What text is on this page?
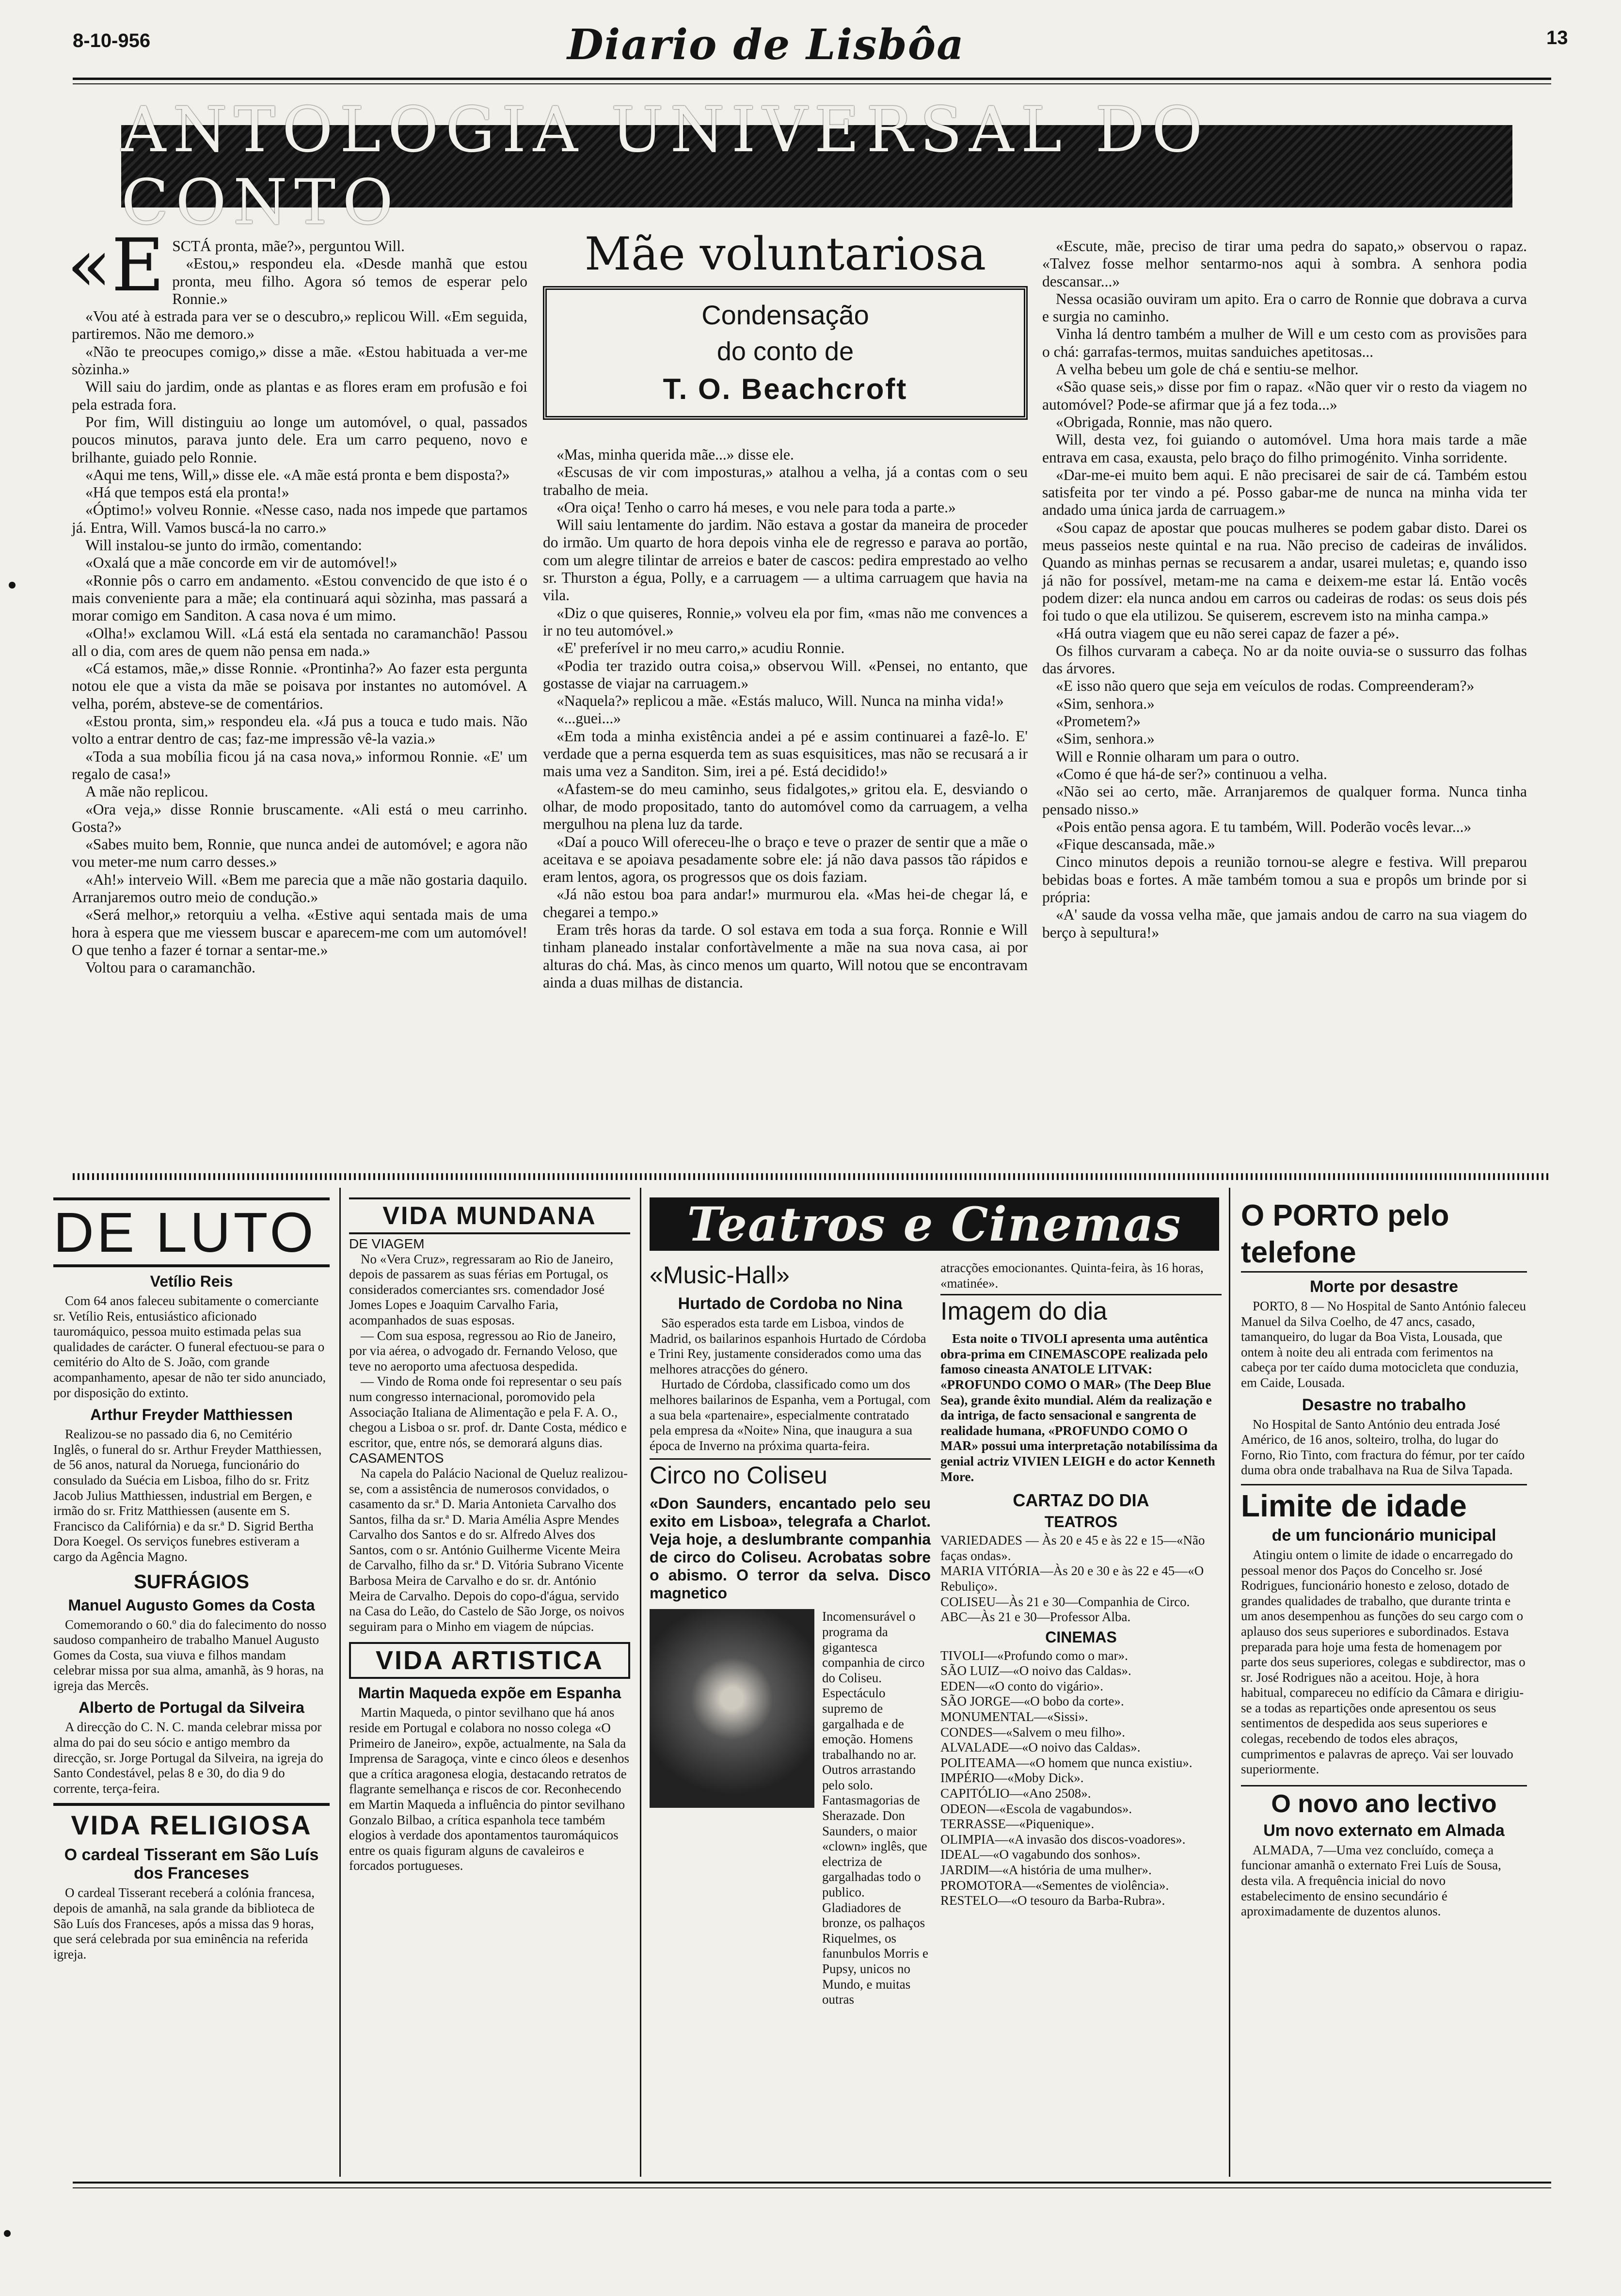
8-10-956	Diario de Lisbôa	13
ANTOLOGIA UNIVERSAL DO CONTO

«ESCTÁ pronta, mãe?», perguntou Will.

«Estou,» respondeu ela. «Desde manhã que estou pronta, meu filho. Agora só temos de esperar pelo Ronnie.»

«Vou até à estrada para ver se o descubro,» replicou Will. «Em seguida, partiremos. Não me demoro.»

«Não te preocupes comigo,» disse a mãe. «Estou habituada a ver-me sòzinha.»

Will saiu do jardim, onde as plantas e as flores eram em profusão e foi pela estrada fora.

Por fim, Will distinguiu ao longe um automóvel, o qual, passados poucos minutos, parava junto dele. Era um carro pequeno, novo e brilhante, guiado pelo Ronnie.

«Aqui me tens, Will,» disse ele. «A mãe está pronta e bem disposta?»

«Há que tempos está ela pronta!»

«Óptimo!» volveu Ronnie. «Nesse caso, nada nos impede que partamos já. Entra, Will. Vamos buscá-la no carro.»

Will instalou-se junto do irmão, comentando:

«Oxalá que a mãe concorde em vir de automóvel!»

«Ronnie pôs o carro em andamento. «Estou convencido de que isto é o mais conveniente para a mãe; ela continuará aqui sòzinha, mas passará a morar comigo em Sanditon. A casa nova é um mimo.

«Olha!» exclamou Will. «Lá está ela sentada no caramanchão! Passou all o dia, com ares de quem não pensa em nada.»

«Cá estamos, mãe,» disse Ronnie. «Prontinha?» Ao fazer esta pergunta notou ele que a vista da mãe se poisava por instantes no automóvel. A velha, porém, absteve-se de comentários.

«Estou pronta, sim,» respondeu ela. «Já pus a touca e tudo mais. Não volto a entrar dentro de cas; faz-me impressão vê-la vazia.»

«Toda a sua mobília ficou já na casa nova,» informou Ronnie. «E' um regalo de casa!»

A mãe não replicou.

«Ora veja,» disse Ronnie bruscamente. «Ali está o meu carrinho. Gosta?»

«Sabes muito bem, Ronnie, que nunca andei de automóvel; e agora não vou meter-me num carro desses.»

«Ah!» interveio Will. «Bem me parecia que a mãe não gostaria daquilo. Arranjaremos outro meio de condução.»

«Será melhor,» retorquiu a velha. «Estive aqui sentada mais de uma hora à espera que me viessem buscar e aparecem-me com um automóvel! O que tenho a fazer é tornar a sentar-me.»

Voltou para o caramanchão.

Mãe voluntariosa
Condensação
do conto de
T. O. Beachcroft

«Mas, minha querida mãe...» disse ele.

«Escusas de vir com imposturas,» atalhou a velha, já a contas com o seu trabalho de meia.

«Ora oiça! Tenho o carro há meses, e vou nele para toda a parte.»

Will saiu lentamente do jardim. Não estava a gostar da maneira de proceder do irmão. Um quarto de hora depois vinha ele de regresso e parava ao portão, com um alegre tilintar de arreios e bater de cascos: pedira emprestado ao velho sr. Thurston a égua, Polly, e a carruagem — a ultima carruagem que havia na vila.

«Diz o que quiseres, Ronnie,» volveu ela por fim, «mas não me convences a ir no teu automóvel.»

«E' preferível ir no meu carro,» acudiu Ronnie.

«Podia ter trazido outra coisa,» observou Will. «Pensei, no entanto, que gostasse de viajar na carruagem.»

«Naquela?» replicou a mãe. «Estás maluco, Will. Nunca na minha vida!»

«...guei...»

«Em toda a minha existência andei a pé e assim continuarei a fazê-lo. E' verdade que a perna esquerda tem as suas esquisitices, mas não se recusará a ir mais uma vez a Sanditon. Sim, irei a pé. Está decidido!»

«Afastem-se do meu caminho, seus fidalgotes,» gritou ela. E, desviando o olhar, de modo propositado, tanto do automóvel como da carruagem, a velha mergulhou na plena luz da tarde.

«Daí a pouco Will ofereceu-lhe o braço e teve o prazer de sentir que a mãe o aceitava e se apoiava pesadamente sobre ele: já não dava passos tão rápidos e eram lentos, agora, os progressos que os dois faziam.

«Já não estou boa para andar!» murmurou ela. «Mas hei-de chegar lá, e chegarei a tempo.»

Eram três horas da tarde. O sol estava em toda a sua força. Ronnie e Will tinham planeado instalar confortàvelmente a mãe na sua nova casa, ai por alturas do chá. Mas, às cinco menos um quarto, Will notou que se encontravam ainda a duas milhas de distancia.

«Escute, mãe, preciso de tirar uma pedra do sapato,» observou o rapaz. «Talvez fosse melhor sentarmo-nos aqui à sombra. A senhora podia descansar...»

Nessa ocasião ouviram um apito. Era o carro de Ronnie que dobrava a curva e surgia no caminho.

Vinha lá dentro também a mulher de Will e um cesto com as provisões para o chá: garrafas-termos, muitas sanduiches apetitosas...

A velha bebeu um gole de chá e sentiu-se melhor.

«São quase seis,» disse por fim o rapaz. «Não quer vir o resto da viagem no automóvel? Pode-se afirmar que já a fez toda...»

«Obrigada, Ronnie, mas não quero.

Will, desta vez, foi guiando o automóvel. Uma hora mais tarde a mãe entrava em casa, exausta, pelo braço do filho primogénito. Vinha sorridente.

«Dar-me-ei muito bem aqui. E não precisarei de sair de cá. Também estou satisfeita por ter vindo a pé. Posso gabar-me de nunca na minha vida ter andado uma única jarda de carruagem.»

«Sou capaz de apostar que poucas mulheres se podem gabar disto. Darei os meus passeios neste quintal e na rua. Não preciso de cadeiras de inválidos. Quando as minhas pernas se recusarem a andar, usarei muletas; e, quando isso já não for possível, metam-me na cama e deixem-me estar lá. Então vocês podem dizer: ela nunca andou em carros ou cadeiras de rodas: os seus dois pés foi tudo o que ela utilizou. Se quiserem, escrevem isto na minha campa.»

«Há outra viagem que eu não serei capaz de fazer a pé».

Os filhos curvaram a cabeça. No ar da noite ouvia-se o sussurro das folhas das árvores.

«E isso não quero que seja em veículos de rodas. Compreenderam?»

«Sim, senhora.»

«Prometem?»

«Sim, senhora.»

Will e Ronnie olharam um para o outro.

«Como é que há-de ser?» continuou a velha.

«Não sei ao certo, mãe. Arranjaremos de qualquer forma. Nunca tinha pensado nisso.»

«Pois então pensa agora. E tu também, Will. Poderão vocês levar...»

«Fique descansada, mãe.»

Cinco minutos depois a reunião tornou-se alegre e festiva. Will preparou bebidas boas e fortes. A mãe também tomou a sua e propôs um brinde por si própria:

«A' saude da vossa velha mãe, que jamais andou de carro na sua viagem do berço à sepultura!»

DE LUTO
Vetílio Reis

Com 64 anos faleceu subitamente o comerciante sr. Vetílio Reis, entusiástico aficionado tauromáquico, pessoa muito estimada pelas sua qualidades de carácter. O funeral efectuou-se para o cemitério do Alto de S. João, com grande acompanhamento, apesar de não ter sido anunciado, por disposição do extinto.

Arthur Freyder Matthiessen

Realizou-se no passado dia 6, no Cemitério Inglês, o funeral do sr. Arthur Freyder Matthiessen, de 56 anos, natural da Noruega, funcionário do consulado da Suécia em Lisboa, filho do sr. Fritz Jacob Julius Matthiessen, industrial em Bergen, e irmão do sr. Fritz Matthiessen (ausente em S. Francisco da Califórnia) e da sr.ª D. Sigrid Bertha Dora Koegel. Os serviços funebres estiveram a cargo da Agência Magno.

SUFRÁGIOS
Manuel Augusto Gomes da Costa

Comemorando o 60.º dia do falecimento do nosso saudoso companheiro de trabalho Manuel Augusto Gomes da Costa, sua viuva e filhos mandam celebrar missa por sua alma, amanhã, às 9 horas, na igreja das Mercês.

Alberto de Portugal da Silveira

A direcção do C. N. C. manda celebrar missa por alma do pai do seu sócio e antigo membro da direcção, sr. Jorge Portugal da Silveira, na igreja do Santo Condestável, pelas 8 e 30, do dia 9 do corrente, terça-feira.

VIDA RELIGIOSA
O cardeal Tisserant em São Luís dos Franceses

O cardeal Tisserant receberá a colónia francesa, depois de amanhã, na sala grande da biblioteca de São Luís dos Franceses, após a missa das 9 horas, que será celebrada por sua eminência na referida igreja.

VIDA MUNDANA
DE VIAGEM

No «Vera Cruz», regressaram ao Rio de Janeiro, depois de passarem as suas férias em Portugal, os considerados comerciantes srs. comendador José Jomes Lopes e Joaquim Carvalho Faria, acompanhados de suas esposas.

— Com sua esposa, regressou ao Rio de Janeiro, por via aérea, o advogado dr. Fernando Veloso, que teve no aeroporto uma afectuosa despedida.

— Vindo de Roma onde foi representar o seu país num congresso internacional, poromovido pela Associação Italiana de Alimentação e pela F. A. O., chegou a Lisboa o sr. prof. dr. Dante Costa, médico e escritor, que, entre nós, se demorará alguns dias.

CASAMENTOS

Na capela do Palácio Nacional de Queluz realizou-se, com a assistência de numerosos convidados, o casamento da sr.ª D. Maria Antonieta Carvalho dos Santos, filha da sr.ª D. Maria Amélia Aspre Mendes Carvalho dos Santos e do sr. Alfredo Alves dos Santos, com o sr. António Guilherme Vicente Meira de Carvalho, filho da sr.ª D. Vitória Subrano Vicente Barbosa Meira de Carvalho e do sr. dr. António Meira de Carvalho. Depois do copo-d'água, servido na Casa do Leão, do Castelo de São Jorge, os noivos seguiram para o Minho em viagem de núpcias.

VIDA ARTISTICA
Martin Maqueda expõe em Espanha

Martin Maqueda, o pintor sevilhano que há anos reside em Portugal e colabora no nosso colega «O Primeiro de Janeiro», expõe, actualmente, na Sala da Imprensa de Saragoça, vinte e cinco óleos e desenhos que a crítica aragonesa elogia, destacando retratos de flagrante semelhança e riscos de cor. Reconhecendo em Martin Maqueda a influência do pintor sevilhano Gonzalo Bilbao, a crítica espanhola tece também elogios à verdade dos apontamentos tauromáquicos entre os quais figuram alguns de cavaleiros e forcados portugueses.

Teatros e Cinemas
«Music-Hall»
Hurtado de Cordoba no Nina

São esperados esta tarde em Lisboa, vindos de Madrid, os bailarinos espanhois Hurtado de Córdoba e Trini Rey, justamente considerados como uma das melhores atracções do género.

Hurtado de Córdoba, classificado como um dos melhores bailarinos de Espanha, vem a Portugal, com a sua bela «partenaire», especialmente contratado pela empresa da «Noite» Nina, que inaugura a sua época de Inverno na próxima quarta-feira.

Circo no Coliseu
«Don Saunders, encantado pelo seu exito em Lisboa», telegrafa a Charlot. Veja hoje, a deslumbrante companhia de circo do Coliseu. Acrobatas sobre o abismo. O terror da selva. Disco magnetico

Incomensurável o programa da gigantesca companhia de circo do Coliseu. Espectáculo supremo de gargalhada e de emoção. Homens trabalhando no ar. Outros arrastando pelo solo. Fantasmagorias de Sherazade. Don Saunders, o maior «clown» inglês, que electriza de gargalhadas todo o publico. Gladiadores de bronze, os palhaços Riquelmes, os fanunbulos Morris e Pupsy, unicos no Mundo, e muitas outras

atracções emocionantes. Quinta-feira, às 16 horas, «matinée».

Imagem do dia

Esta noite o TIVOLI apresenta uma autêntica obra-prima em CINEMASCOPE realizada pelo famoso cineasta ANATOLE LITVAK: «PROFUNDO COMO O MAR» (The Deep Blue Sea), grande êxito mundial. Além da realização e da intriga, de facto sensacional e sangrenta de realidade humana, «PROFUNDO COMO O MAR» possui uma interpretação notabilíssima da genial actriz VIVIEN LEIGH e do actor Kenneth More.

CARTAZ DO DIA
TEATROS

VARIEDADES — Às 20 e 45 e às 22 e 15—«Não faças ondas».

MARIA VITÓRIA—Às 20 e 30 e às 22 e 45—«O Rebuliço».

COLISEU—Às 21 e 30—Companhia de Circo.

ABC—Às 21 e 30—Professor Alba.

CINEMAS

TIVOLI—«Profundo como o mar».

SÃO LUIZ—«O noivo das Caldas».

EDEN—«O conto do vigário».

SÃO JORGE—«O bobo da corte».

MONUMENTAL—«Sissi».

CONDES—«Salvem o meu filho».

ALVALADE—«O noivo das Caldas».

POLITEAMA—«O homem que nunca existiu».

IMPÉRIO—«Moby Dick».

CAPITÓLIO—«Ano 2508».

ODEON—«Escola de vagabundos».

TERRASSE—«Piquenique».

OLIMPIA—«A invasão dos discos-voadores».

IDEAL—«O vagabundo dos sonhos».

JARDIM—«A história de uma mulher».

PROMOTORA—«Sementes de violência».

RESTELO—«O tesouro da Barba-Rubra».

O PORTO pelo telefone
Morte por desastre

PORTO, 8 — No Hospital de Santo António faleceu Manuel da Silva Coelho, de 47 ancs, casado, tamanqueiro, do lugar da Boa Vista, Lousada, que ontem à noite deu ali entrada com ferimentos na cabeça por ter caído duma motocicleta que conduzia, em Caide, Lousada.

Desastre no trabalho

No Hospital de Santo António deu entrada José Américo, de 16 anos, solteiro, trolha, do lugar do Forno, Rio Tinto, com fractura do fémur, por ter caído duma obra onde trabalhava na Rua de Silva Tapada.

Limite de idade
de um funcionário municipal

Atingiu ontem o limite de idade o encarregado do pessoal menor dos Paços do Concelho sr. José Rodrigues, funcionário honesto e zeloso, dotado de grandes qualidades de trabalho, que durante trinta e um anos desempenhou as funções do seu cargo com o aplauso dos seus superiores e subordinados. Estava preparada para hoje uma festa de homenagem por parte dos seus superiores, colegas e subdirector, mas o sr. José Rodrigues não a aceitou. Hoje, à hora habitual, compareceu no edifício da Câmara e dirigiu-se a todas as repartições onde apresentou os seus sentimentos de despedida aos seus superiores e colegas, recebendo de todos eles abraços, cumprimentos e palavras de apreço. Vai ser louvado superiormente.

O novo ano lectivo
Um novo externato em Almada

ALMADA, 7—Uma vez concluído, começa a funcionar amanhã o externato Frei Luís de Sousa, desta vila. A frequência inicial do novo estabelecimento de ensino secundário é aproximadamente de duzentos alunos.
